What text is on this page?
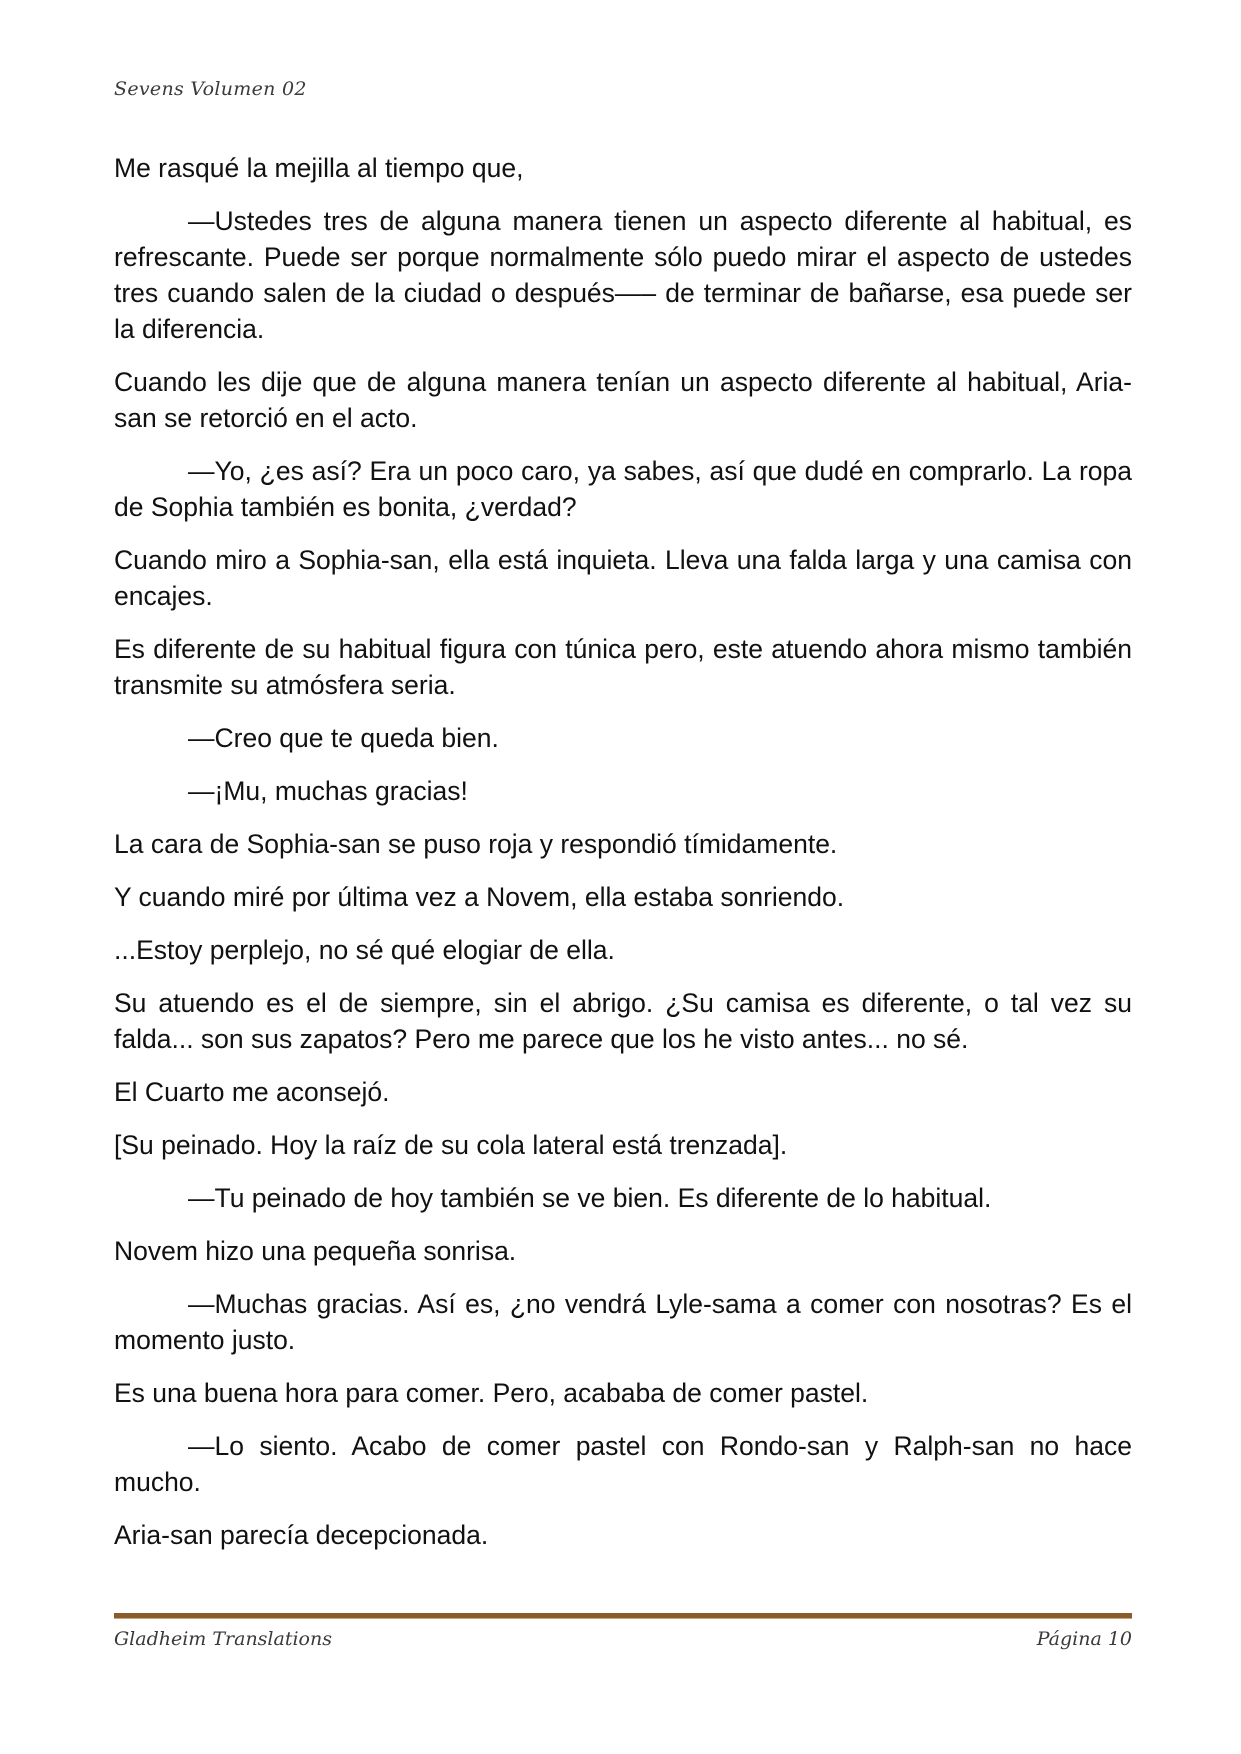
Sevens Volumen 02

Me rasqué la mejilla al tiempo que,

—Ustedes tres de alguna manera tienen un aspecto diferente al habitual, es refrescante. Puede ser porque normalmente sólo puedo mirar el aspecto de ustedes tres cuando salen de la ciudad o después—– de terminar de bañarse, esa puede ser la diferencia.

Cuando les dije que de alguna manera tenían un aspecto diferente al habitual, Aria-san se retorció en el acto.

—Yo, ¿es así? Era un poco caro, ya sabes, así que dudé en comprarlo. La ropa de Sophia también es bonita, ¿verdad?

Cuando miro a Sophia-san, ella está inquieta. Lleva una falda larga y una camisa con encajes.

Es diferente de su habitual figura con túnica pero, este atuendo ahora mismo también transmite su atmósfera seria.

—Creo que te queda bien.

—¡Mu, muchas gracias!

La cara de Sophia-san se puso roja y respondió tímidamente.

Y cuando miré por última vez a Novem, ella estaba sonriendo.

...Estoy perplejo, no sé qué elogiar de ella.

Su atuendo es el de siempre, sin el abrigo. ¿Su camisa es diferente, o tal vez su falda... son sus zapatos? Pero me parece que los he visto antes... no sé.

El Cuarto me aconsejó.

[Su peinado. Hoy la raíz de su cola lateral está trenzada].

—Tu peinado de hoy también se ve bien. Es diferente de lo habitual.

Novem hizo una pequeña sonrisa.

—Muchas gracias. Así es, ¿no vendrá Lyle-sama a comer con nosotras? Es el momento justo.

Es una buena hora para comer. Pero, acababa de comer pastel.

—Lo siento. Acabo de comer pastel con Rondo-san y Ralph-san no hace mucho.

Aria-san parecía decepcionada.

Gladheim Translations	Página 10
